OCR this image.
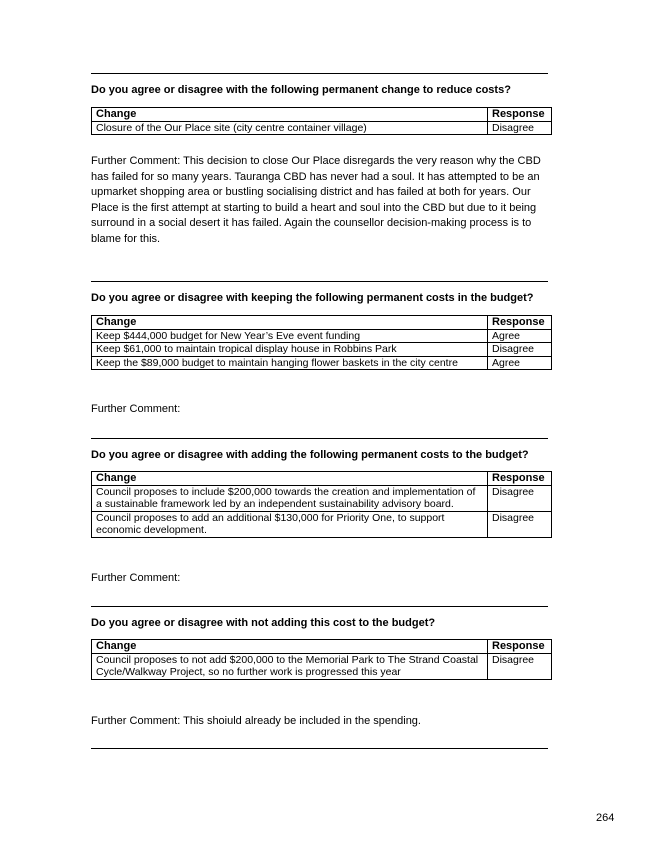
Do you agree or disagree with the following permanent change to reduce costs?
Change	Response
Closure of the Our Place site (city centre container village)	Disagree
Further Comment: This decision to close Our Place disregards the very reason why the CBD has failed for so many years. Tauranga CBD has never had a soul. It has attempted to be an upmarket shopping area or bustling socialising district and has failed at both for years. Our Place is the first attempt at starting to build a heart and soul into the CBD but due to it being surround in a social desert it has failed. Again the counsellor decision-making process is to blame for this.
Do you agree or disagree with keeping the following permanent costs in the budget?
Change	Response
Keep $444,000 budget for New Year’s Eve event funding	Agree
Keep $61,000 to maintain tropical display house in Robbins Park	Disagree
Keep the $89,000 budget to maintain hanging flower baskets in the city centre	Agree
Further Comment:
Do you agree or disagree with adding the following permanent costs to the budget?
Change	Response
Council proposes to include $200,000 towards the creation and implementation of a sustainable framework led by an independent sustainability advisory board.	Disagree
Council proposes to add an additional $130,000 for Priority One, to support economic development.	Disagree
Further Comment:
Do you agree or disagree with not adding this cost to the budget?
Change	Response
Council proposes to not add $200,000 to the Memorial Park to The Strand Coastal Cycle/Walkway Project, so no further work is progressed this year	Disagree
Further Comment: This shoiuld already be included in the spending.
264
